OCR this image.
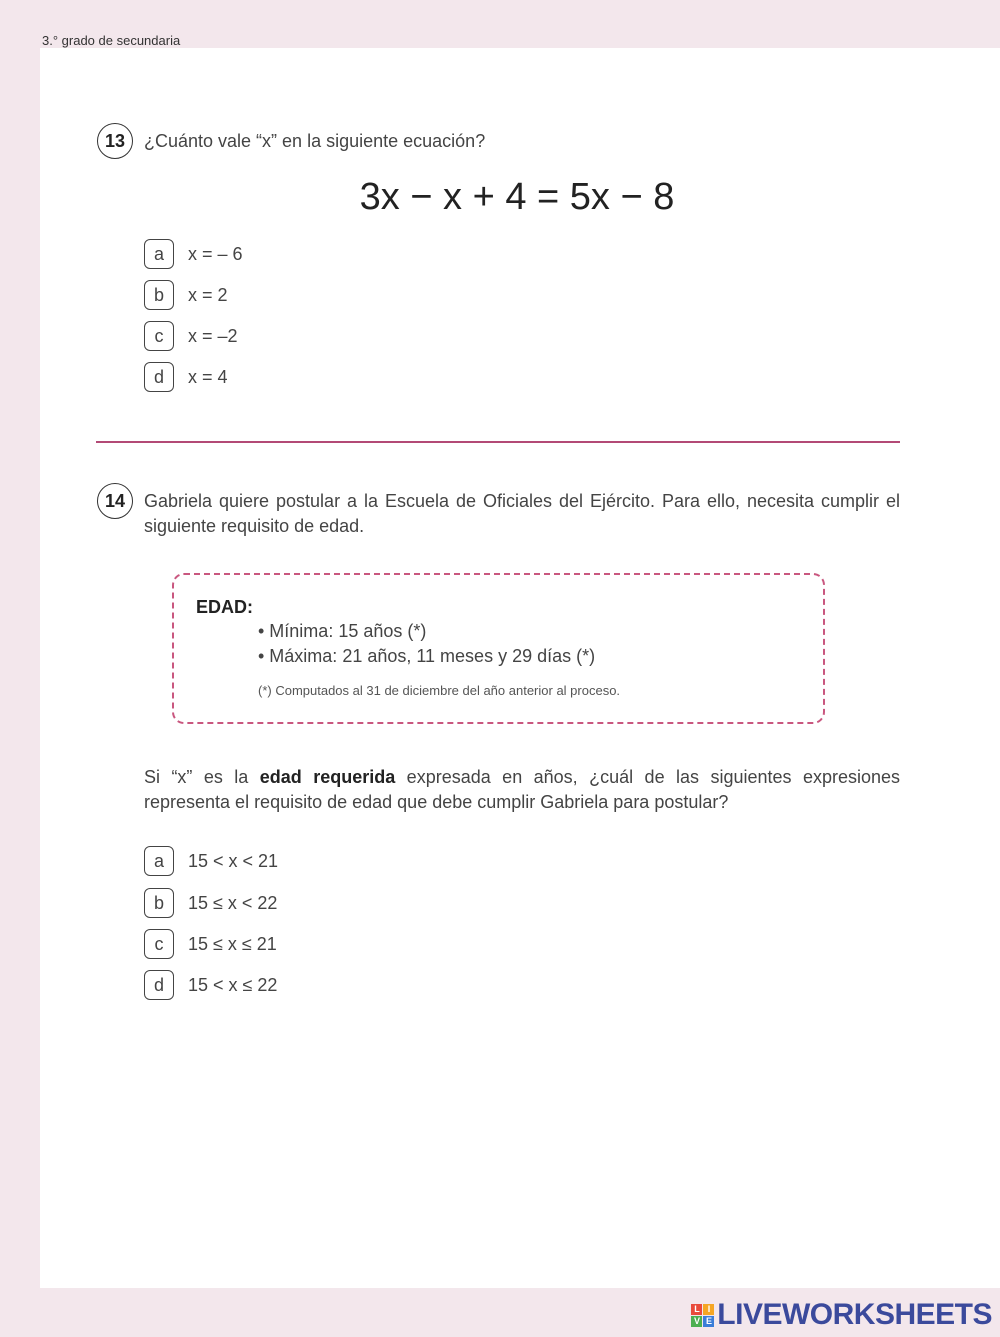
3.° grado de secundaria
13	¿Cuánto vale “x” en la siguiente ecuación?
3x − x + 4 = 5x − 8
a	x = – 6
b	x = 2
c	x = –2
d	x = 4
14	Gabriela quiere postular a la Escuela de Oficiales del Ejército. Para ello, necesita cumplir el siguiente requisito de edad.
EDAD:
• Mínima: 15 años (*)
• Máxima: 21 años, 11 meses y 29 días (*)
(*) Computados al 31 de diciembre del año anterior al proceso.
Si “x” es la edad requerida expresada en años, ¿cuál de las siguientes expresiones representa el requisito de edad que debe cumplir Gabriela para postular?
a	15 < x < 21
b	15 ≤ x < 22
c	15 ≤ x ≤ 21
d	15 < x ≤ 22
L I
V E LIVEWORKSHEETS
